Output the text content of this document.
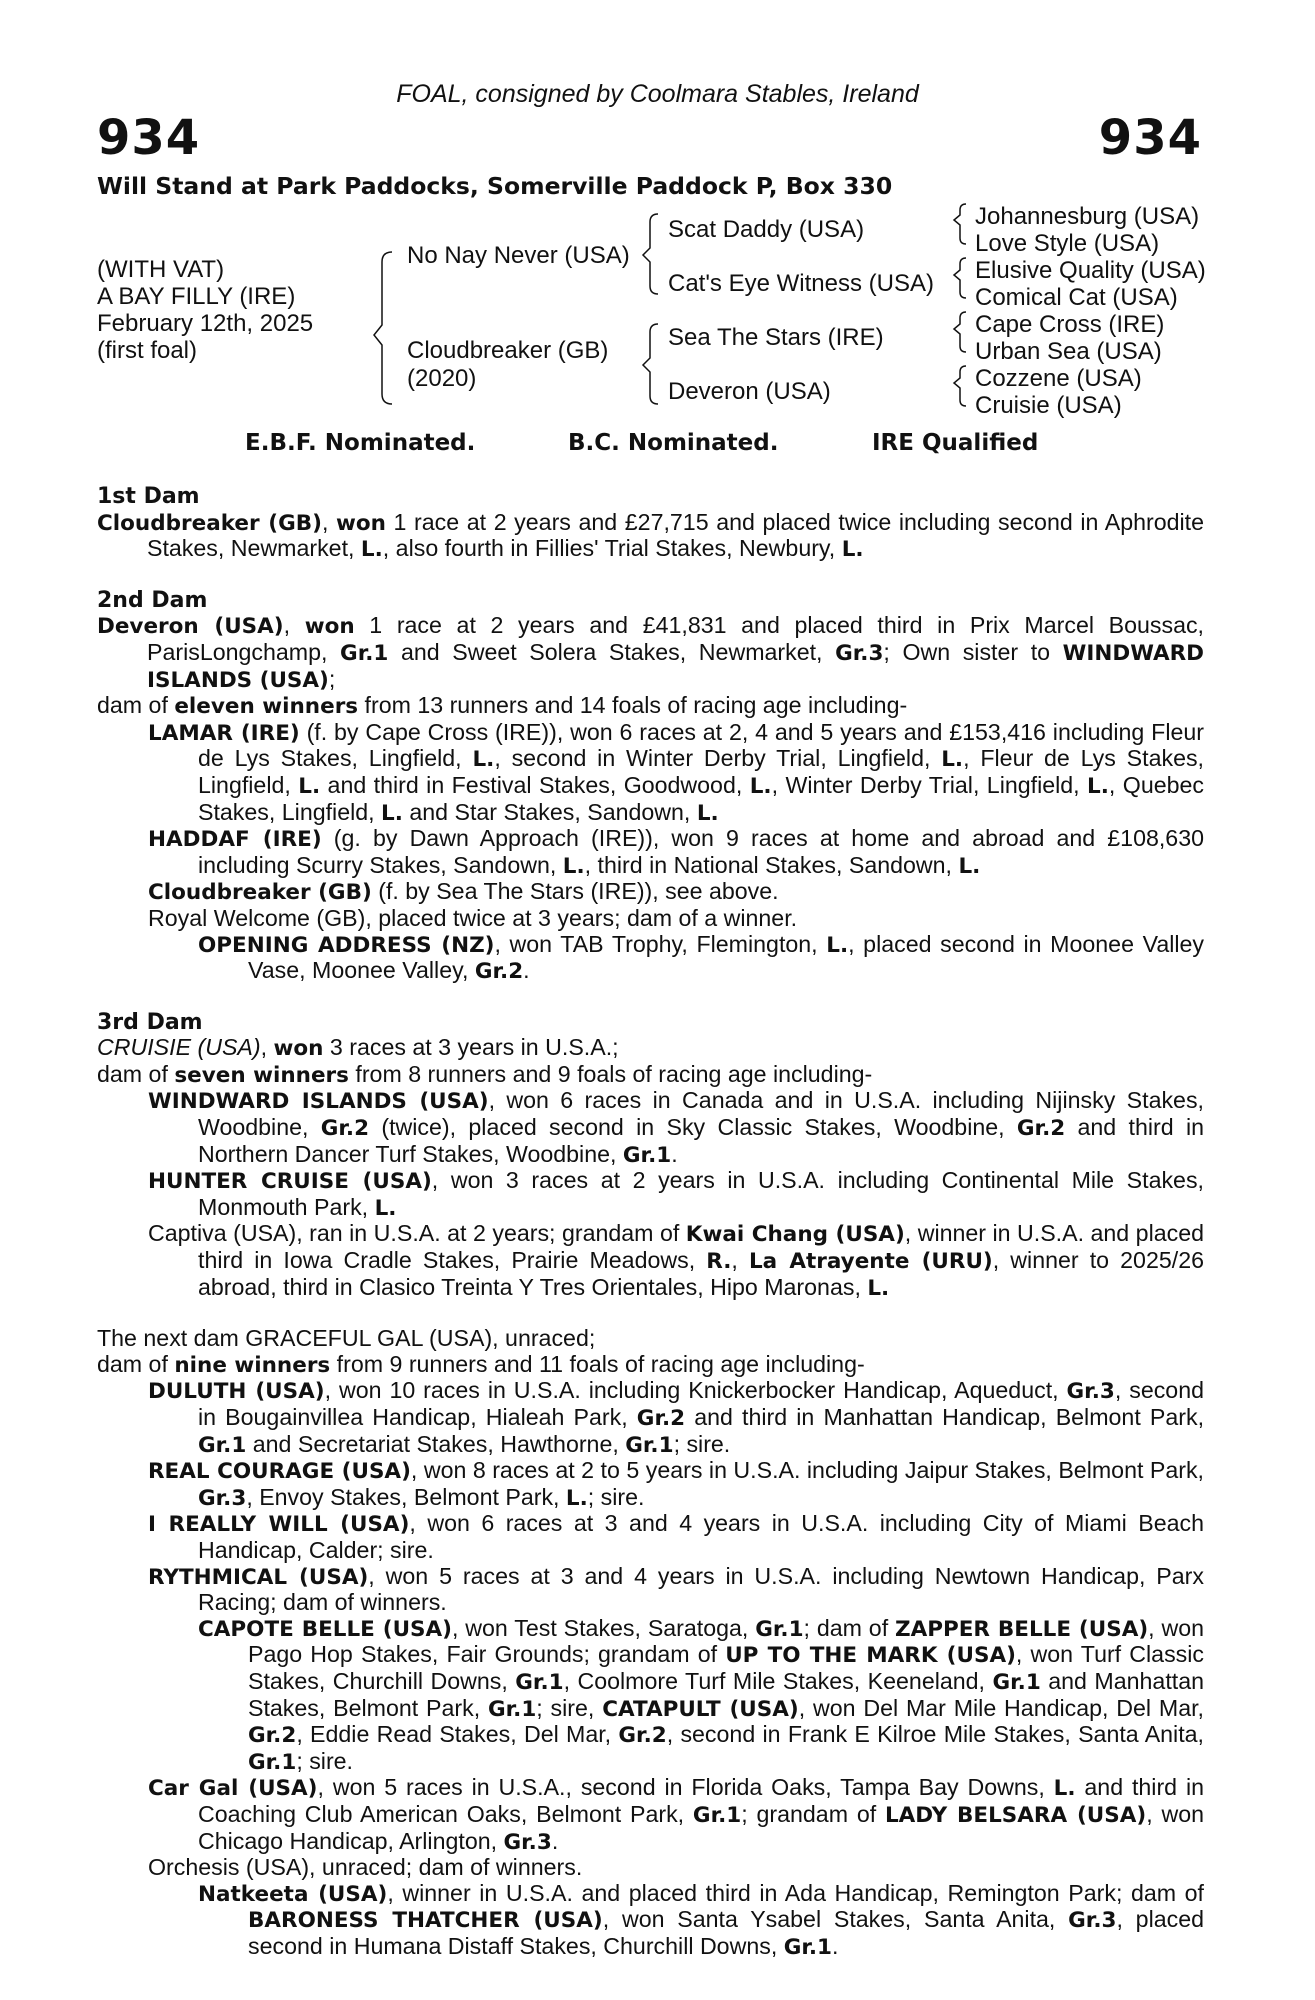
FOAL, consigned by Coolmara Stables, Ireland
934	934
Will Stand at Park Paddocks, Somerville Paddock P, Box 330
(WITH VAT)
A BAY FILLY (IRE)
February 12th, 2025
(first foal)
No Nay Never (USA)
Cloudbreaker (GB)
(2020)
Scat Daddy (USA)
Cat's Eye Witness (USA)
Sea The Stars (IRE)
Deveron (USA)
Johannesburg (USA)
Love Style (USA)
Elusive Quality (USA)
Comical Cat (USA)
Cape Cross (IRE)
Urban Sea (USA)
Cozzene (USA)
Cruisie (USA)
E.B.F. Nominated.	B.C. Nominated.	IRE Qualified

1st Dam

Cloudbreaker (GB), won 1 race at 2 years and £27,715 and placed twice including second in Aphrodite Stakes, Newmarket, L., also fourth in Fillies' Trial Stakes, Newbury, L.

2nd Dam

Deveron (USA), won 1 race at 2 years and £41,831 and placed third in Prix Marcel Boussac, ParisLongchamp, Gr.1 and Sweet Solera Stakes, Newmarket, Gr.3; Own sister to WINDWARD ISLANDS (USA);

dam of eleven winners from 13 runners and 14 foals of racing age including-

LAMAR (IRE) (f. by Cape Cross (IRE)), won 6 races at 2, 4 and 5 years and £153,416 including Fleur de Lys Stakes, Lingfield, L., second in Winter Derby Trial, Lingfield, L., Fleur de Lys Stakes, Lingfield, L. and third in Festival Stakes, Goodwood, L., Winter Derby Trial, Lingfield, L., Quebec Stakes, Lingfield, L. and Star Stakes, Sandown, L.

HADDAF (IRE) (g. by Dawn Approach (IRE)), won 9 races at home and abroad and £108,630 including Scurry Stakes, Sandown, L., third in National Stakes, Sandown, L.

Cloudbreaker (GB) (f. by Sea The Stars (IRE)), see above.

Royal Welcome (GB), placed twice at 3 years; dam of a winner.

OPENING ADDRESS (NZ), won TAB Trophy, Flemington, L., placed second in Moonee Valley Vase, Moonee Valley, Gr.2.

3rd Dam

CRUISIE (USA), won 3 races at 3 years in U.S.A.;

dam of seven winners from 8 runners and 9 foals of racing age including-

WINDWARD ISLANDS (USA), won 6 races in Canada and in U.S.A. including Nijinsky Stakes, Woodbine, Gr.2 (twice), placed second in Sky Classic Stakes, Woodbine, Gr.2 and third in Northern Dancer Turf Stakes, Woodbine, Gr.1.

HUNTER CRUISE (USA), won 3 races at 2 years in U.S.A. including Continental Mile Stakes, Monmouth Park, L.

Captiva (USA), ran in U.S.A. at 2 years; grandam of Kwai Chang (USA), winner in U.S.A. and placed third in Iowa Cradle Stakes, Prairie Meadows, R., La Atrayente (URU), winner to 2025/26 abroad, third in Clasico Treinta Y Tres Orientales, Hipo Maronas, L.

The next dam GRACEFUL GAL (USA), unraced;

dam of nine winners from 9 runners and 11 foals of racing age including-

DULUTH (USA), won 10 races in U.S.A. including Knickerbocker Handicap, Aqueduct, Gr.3, second in Bougainvillea Handicap, Hialeah Park, Gr.2 and third in Manhattan Handicap, Belmont Park, Gr.1 and Secretariat Stakes, Hawthorne, Gr.1; sire.

REAL COURAGE (USA), won 8 races at 2 to 5 years in U.S.A. including Jaipur Stakes, Belmont Park, Gr.3, Envoy Stakes, Belmont Park, L.; sire.

I REALLY WILL (USA), won 6 races at 3 and 4 years in U.S.A. including City of Miami Beach Handicap, Calder; sire.

RYTHMICAL (USA), won 5 races at 3 and 4 years in U.S.A. including Newtown Handicap, Parx Racing; dam of winners.

CAPOTE BELLE (USA), won Test Stakes, Saratoga, Gr.1; dam of ZAPPER BELLE (USA), won Pago Hop Stakes, Fair Grounds; grandam of UP TO THE MARK (USA), won Turf Classic Stakes, Churchill Downs, Gr.1, Coolmore Turf Mile Stakes, Keeneland, Gr.1 and Manhattan Stakes, Belmont Park, Gr.1; sire, CATAPULT (USA), won Del Mar Mile Handicap, Del Mar, Gr.2, Eddie Read Stakes, Del Mar, Gr.2, second in Frank E Kilroe Mile Stakes, Santa Anita, Gr.1; sire.

Car Gal (USA), won 5 races in U.S.A., second in Florida Oaks, Tampa Bay Downs, L. and third in Coaching Club American Oaks, Belmont Park, Gr.1; grandam of LADY BELSARA (USA), won Chicago Handicap, Arlington, Gr.3.

Orchesis (USA), unraced; dam of winners.

Natkeeta (USA), winner in U.S.A. and placed third in Ada Handicap, Remington Park; dam of BARONESS THATCHER (USA), won Santa Ysabel Stakes, Santa Anita, Gr.3, placed second in Humana Distaff Stakes, Churchill Downs, Gr.1.
